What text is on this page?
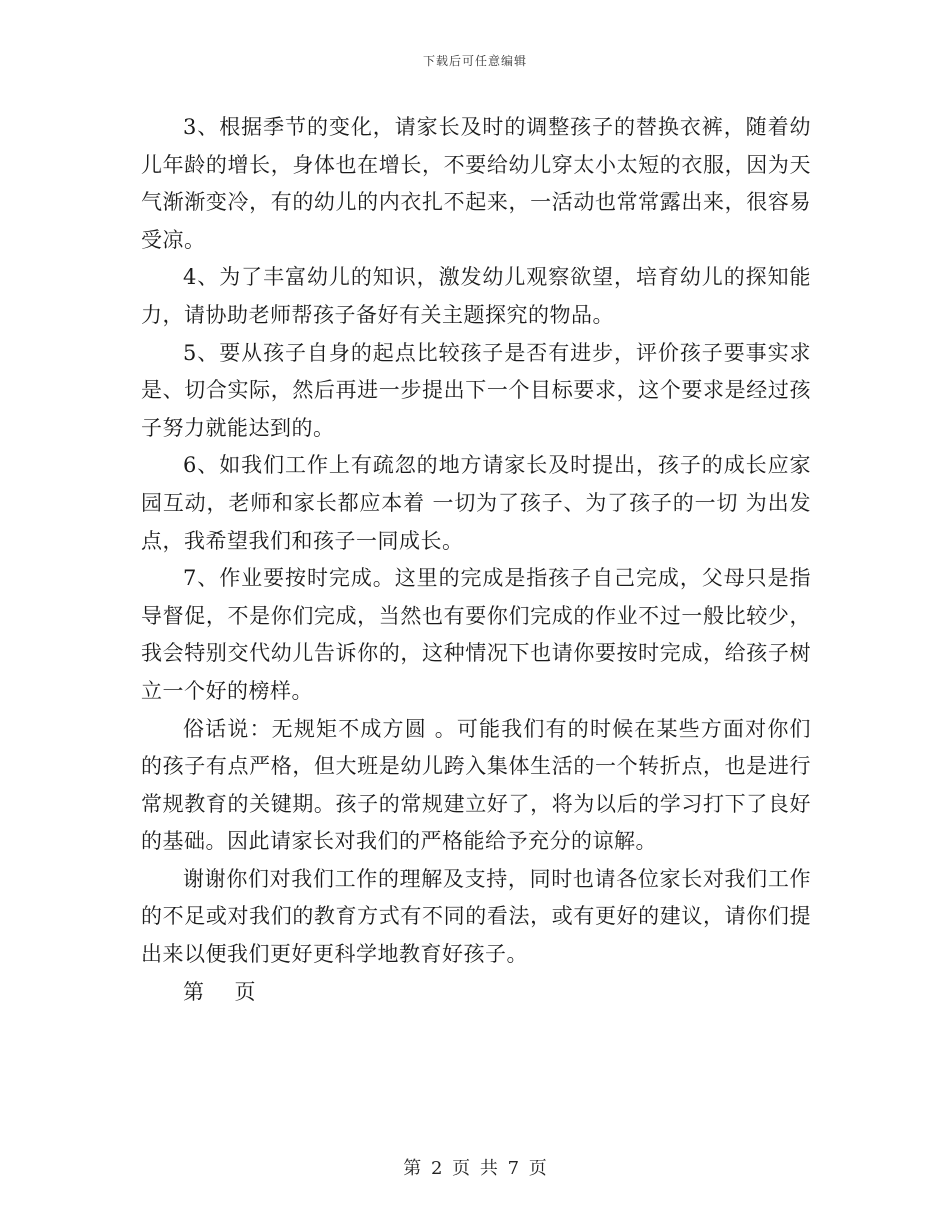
下载后可任意编辑

3、根据季节的变化，请家长及时的调整孩子的替换衣裤，随着幼儿年龄的增长，身体也在增长，不要给幼儿穿太小太短的衣服，因为天气渐渐变冷，有的幼儿的内衣扎不起来，一活动也常常露出来，很容易受凉。

4、为了丰富幼儿的知识，激发幼儿观察欲望，培育幼儿的探知能力，请协助老师帮孩子备好有关主题探究的物品。

5、要从孩子自身的起点比较孩子是否有进步，评价孩子要事实求是、切合实际，然后再进一步提出下一个目标要求，这个要求是经过孩子努力就能达到的。

6、如我们工作上有疏忽的地方请家长及时提出，孩子的成长应家园互动，老师和家长都应本着 一切为了孩子、为了孩子的一切 为出发点，我希望我们和孩子一同成长。

7、作业要按时完成。这里的完成是指孩子自己完成，父母只是指导督促，不是你们完成，当然也有要你们完成的作业不过一般比较少，我会特别交代幼儿告诉你的，这种情况下也请你要按时完成，给孩子树立一个好的榜样。

俗话说：无规矩不成方圆 。可能我们有的时候在某些方面对你们的孩子有点严格，但大班是幼儿跨入集体生活的一个转折点，也是进行常规教育的关键期。孩子的常规建立好了，将为以后的学习打下了良好的基础。因此请家长对我们的严格能给予充分的谅解。

谢谢你们对我们工作的理解及支持，同时也请各位家长对我们工作的不足或对我们的教育方式有不同的看法，或有更好的建议，请你们提出来以便我们更好更科学地教育好孩子。

第 页

第 2 页 共 7 页
